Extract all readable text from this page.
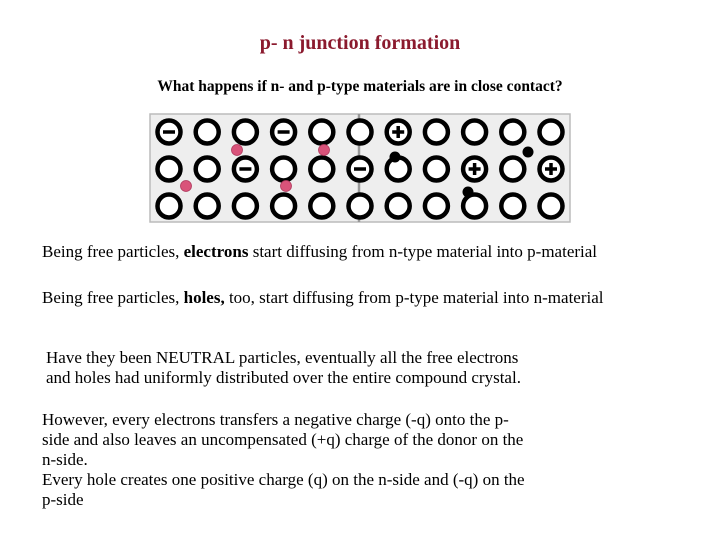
p- n junction formation
What happens if n- and p-type materials are in close contact?
Being free particles, electrons start diffusing from n-type material into p-material
Being free particles, holes, too, start diffusing from p-type material into n-material
Have they been NEUTRAL particles, eventually all the free electrons
and holes had uniformly distributed over the entire compound crystal.
However, every electrons transfers a negative charge (-q) onto the p-
side and also leaves an uncompensated (+q) charge of the donor on the
n-side.
Every hole creates one positive charge (q) on the n-side and (-q) on the
p-side
